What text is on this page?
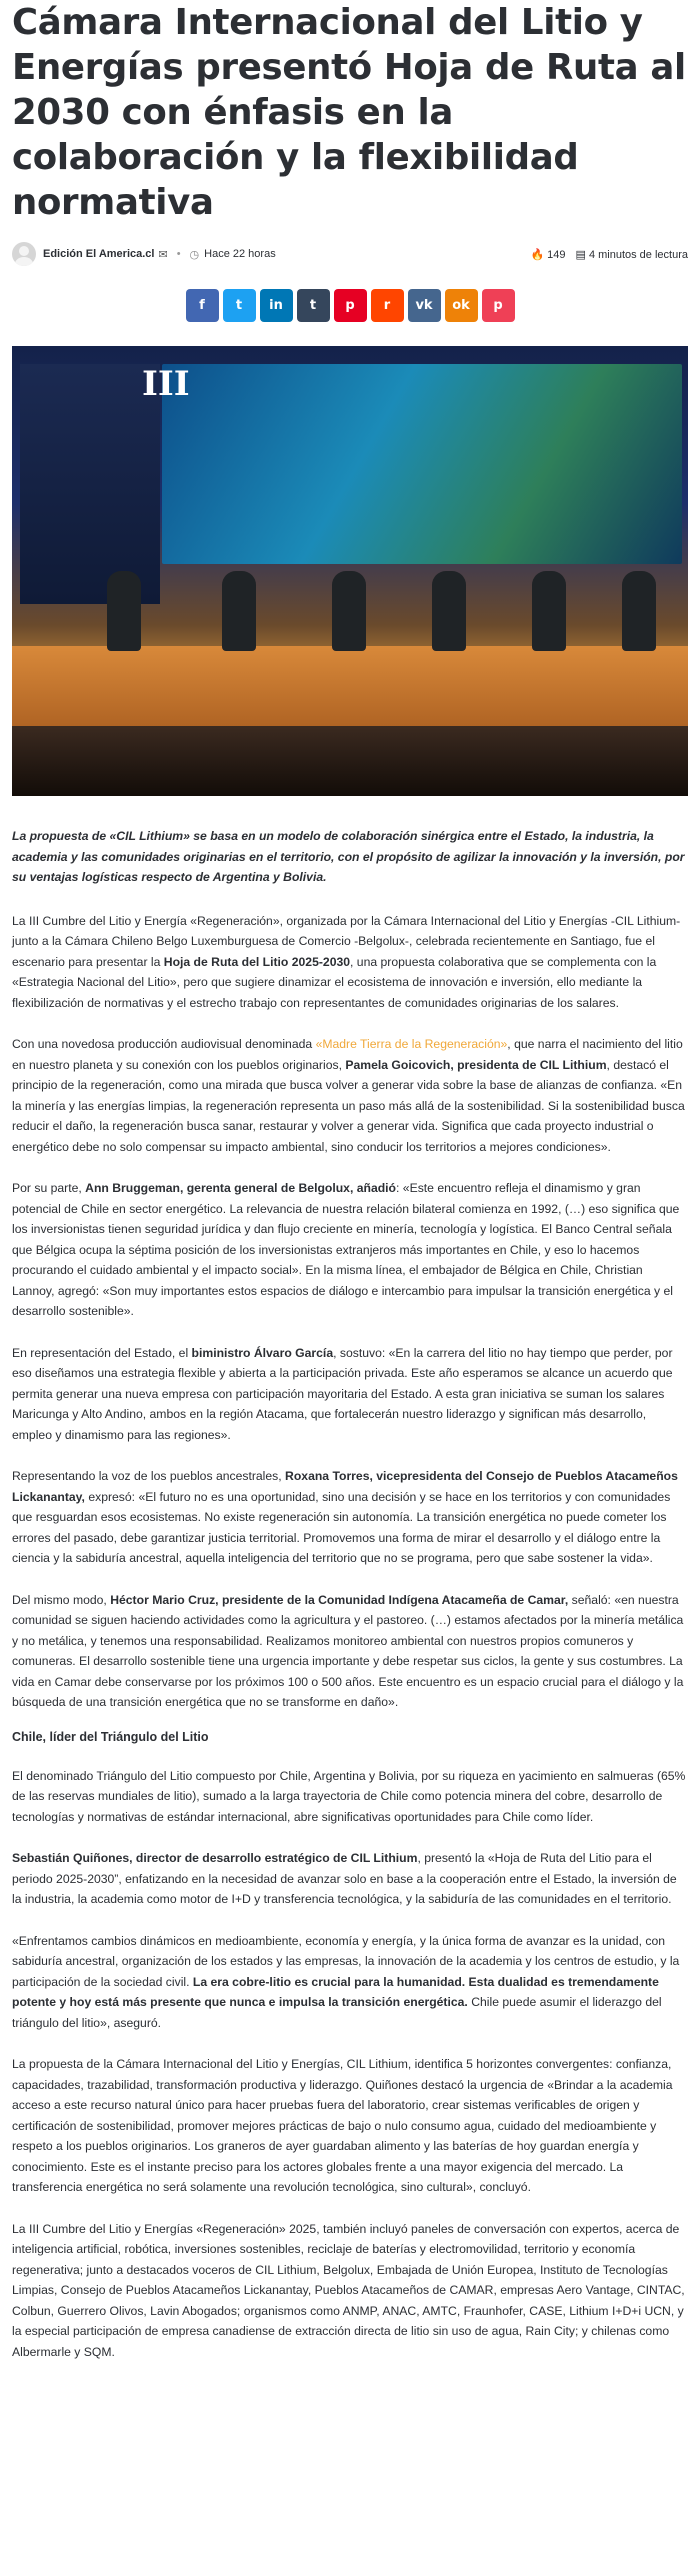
Cámara Internacional del Litio y Energías presentó Hoja de Ruta al 2030 con énfasis en la colaboración y la flexibilidad normativa
Edición El America.cl ✉ • ◷ Hace 22 horas	🔥 149 ▤ 4 minutos de lectura
f t in t p r vk ok p
III
La propuesta de «CIL Lithium» se basa en un modelo de colaboración sinérgica entre el Estado, la industria, la academia y las comunidades originarias en el territorio, con el propósito de agilizar la innovación y la inversión, por su ventajas logísticas respecto de Argentina y Bolivia.

La III Cumbre del Litio y Energía «Regeneración», organizada por la Cámara Internacional del Litio y Energías -CIL Lithium- junto a la Cámara Chileno Belgo Luxemburguesa de Comercio -Belgolux-, celebrada recientemente en Santiago, fue el escenario para presentar la Hoja de Ruta del Litio 2025-2030, una propuesta colaborativa que se complementa con la «Estrategia Nacional del Litio», pero que sugiere dinamizar el ecosistema de innovación e inversión, ello mediante la flexibilización de normativas y el estrecho trabajo con representantes de comunidades originarias de los salares.

Con una novedosa producción audiovisual denominada «Madre Tierra de la Regeneración», que narra el nacimiento del litio en nuestro planeta y su conexión con los pueblos originarios, Pamela Goicovich, presidenta de CIL Lithium, destacó el principio de la regeneración, como una mirada que busca volver a generar vida sobre la base de alianzas de confianza. «En la minería y las energías limpias, la regeneración representa un paso más allá de la sostenibilidad. Si la sostenibilidad busca reducir el daño, la regeneración busca sanar, restaurar y volver a generar vida. Significa que cada proyecto industrial o energético debe no solo compensar su impacto ambiental, sino conducir los territorios a mejores condiciones».

Por su parte, Ann Bruggeman, gerenta general de Belgolux, añadió: «Este encuentro refleja el dinamismo y gran potencial de Chile en sector energético. La relevancia de nuestra relación bilateral comienza en 1992, (…) eso significa que los inversionistas tienen seguridad jurídica y dan flujo creciente en minería, tecnología y logística. El Banco Central señala que Bélgica ocupa la séptima posición de los inversionistas extranjeros más importantes en Chile, y eso lo hacemos procurando el cuidado ambiental y el impacto social». En la misma línea, el embajador de Bélgica en Chile, Christian Lannoy, agregó: «Son muy importantes estos espacios de diálogo e intercambio para impulsar la transición energética y el desarrollo sostenible».

En representación del Estado, el biministro Álvaro García, sostuvo: «En la carrera del litio no hay tiempo que perder, por eso diseñamos una estrategia flexible y abierta a la participación privada. Este año esperamos se alcance un acuerdo que permita generar una nueva empresa con participación mayoritaria del Estado. A esta gran iniciativa se suman los salares Maricunga y Alto Andino, ambos en la región Atacama, que fortalecerán nuestro liderazgo y significan más desarrollo, empleo y dinamismo para las regiones».

Representando la voz de los pueblos ancestrales, Roxana Torres, vicepresidenta del Consejo de Pueblos Atacameños Lickanantay, expresó: «El futuro no es una oportunidad, sino una decisión y se hace en los territorios y con comunidades que resguardan esos ecosistemas. No existe regeneración sin autonomía. La transición energética no puede cometer los errores del pasado, debe garantizar justicia territorial. Promovemos una forma de mirar el desarrollo y el diálogo entre la ciencia y la sabiduría ancestral, aquella inteligencia del territorio que no se programa, pero que sabe sostener la vida».

Del mismo modo, Héctor Mario Cruz, presidente de la Comunidad Indígena Atacameña de Camar, señaló: «en nuestra comunidad se siguen haciendo actividades como la agricultura y el pastoreo. (…) estamos afectados por la minería metálica y no metálica, y tenemos una responsabilidad. Realizamos monitoreo ambiental con nuestros propios comuneros y comuneras. El desarrollo sostenible tiene una urgencia importante y debe respetar sus ciclos, la gente y sus costumbres. La vida en Camar debe conservarse por los próximos 100 o 500 años. Este encuentro es un espacio crucial para el diálogo y la búsqueda de una transición energética que no se transforme en daño».

Chile, líder del Triángulo del Litio

El denominado Triángulo del Litio compuesto por Chile, Argentina y Bolivia, por su riqueza en yacimiento en salmueras (65% de las reservas mundiales de litio), sumado a la larga trayectoria de Chile como potencia minera del cobre, desarrollo de tecnologías y normativas de estándar internacional, abre significativas oportunidades para Chile como líder.

Sebastián Quiñones, director de desarrollo estratégico de CIL Lithium, presentó la «Hoja de Ruta del Litio para el periodo 2025-2030”, enfatizando en la necesidad de avanzar solo en base a la cooperación entre el Estado, la inversión de la industria, la academia como motor de I+D y transferencia tecnológica, y la sabiduría de las comunidades en el territorio.

«Enfrentamos cambios dinámicos en medioambiente, economía y energía, y la única forma de avanzar es la unidad, con sabiduría ancestral, organización de los estados y las empresas, la innovación de la academia y los centros de estudio, y la participación de la sociedad civil. La era cobre-litio es crucial para la humanidad. Esta dualidad es tremendamente potente y hoy está más presente que nunca e impulsa la transición energética. Chile puede asumir el liderazgo del triángulo del litio», aseguró.

La propuesta de la Cámara Internacional del Litio y Energías, CIL Lithium, identifica 5 horizontes convergentes: confianza, capacidades, trazabilidad, transformación productiva y liderazgo. Quiñones destacó la urgencia de «Brindar a la academia acceso a este recurso natural único para hacer pruebas fuera del laboratorio, crear sistemas verificables de origen y certificación de sostenibilidad, promover mejores prácticas de bajo o nulo consumo agua, cuidado del medioambiente y respeto a los pueblos originarios. Los graneros de ayer guardaban alimento y las baterías de hoy guardan energía y conocimiento. Este es el instante preciso para los actores globales frente a una mayor exigencia del mercado. La transferencia energética no será solamente una revolución tecnológica, sino cultural», concluyó.

La III Cumbre del Litio y Energías «Regeneración» 2025, también incluyó paneles de conversación con expertos, acerca de inteligencia artificial, robótica, inversiones sostenibles, reciclaje de baterías y electromovilidad, territorio y economía regenerativa; junto a destacados voceros de CIL Lithium, Belgolux, Embajada de Unión Europea, Instituto de Tecnologías Limpias, Consejo de Pueblos Atacameños Lickanantay, Pueblos Atacameños de CAMAR, empresas Aero Vantage, CINTAC, Colbun, Guerrero Olivos, Lavin Abogados; organismos como ANMP, ANAC, AMTC, Fraunhofer, CASE, Lithium I+D+i UCN, y la especial participación de empresa canadiense de extracción directa de litio sin uso de agua, Rain City; y chilenas como Albermarle y SQM.
